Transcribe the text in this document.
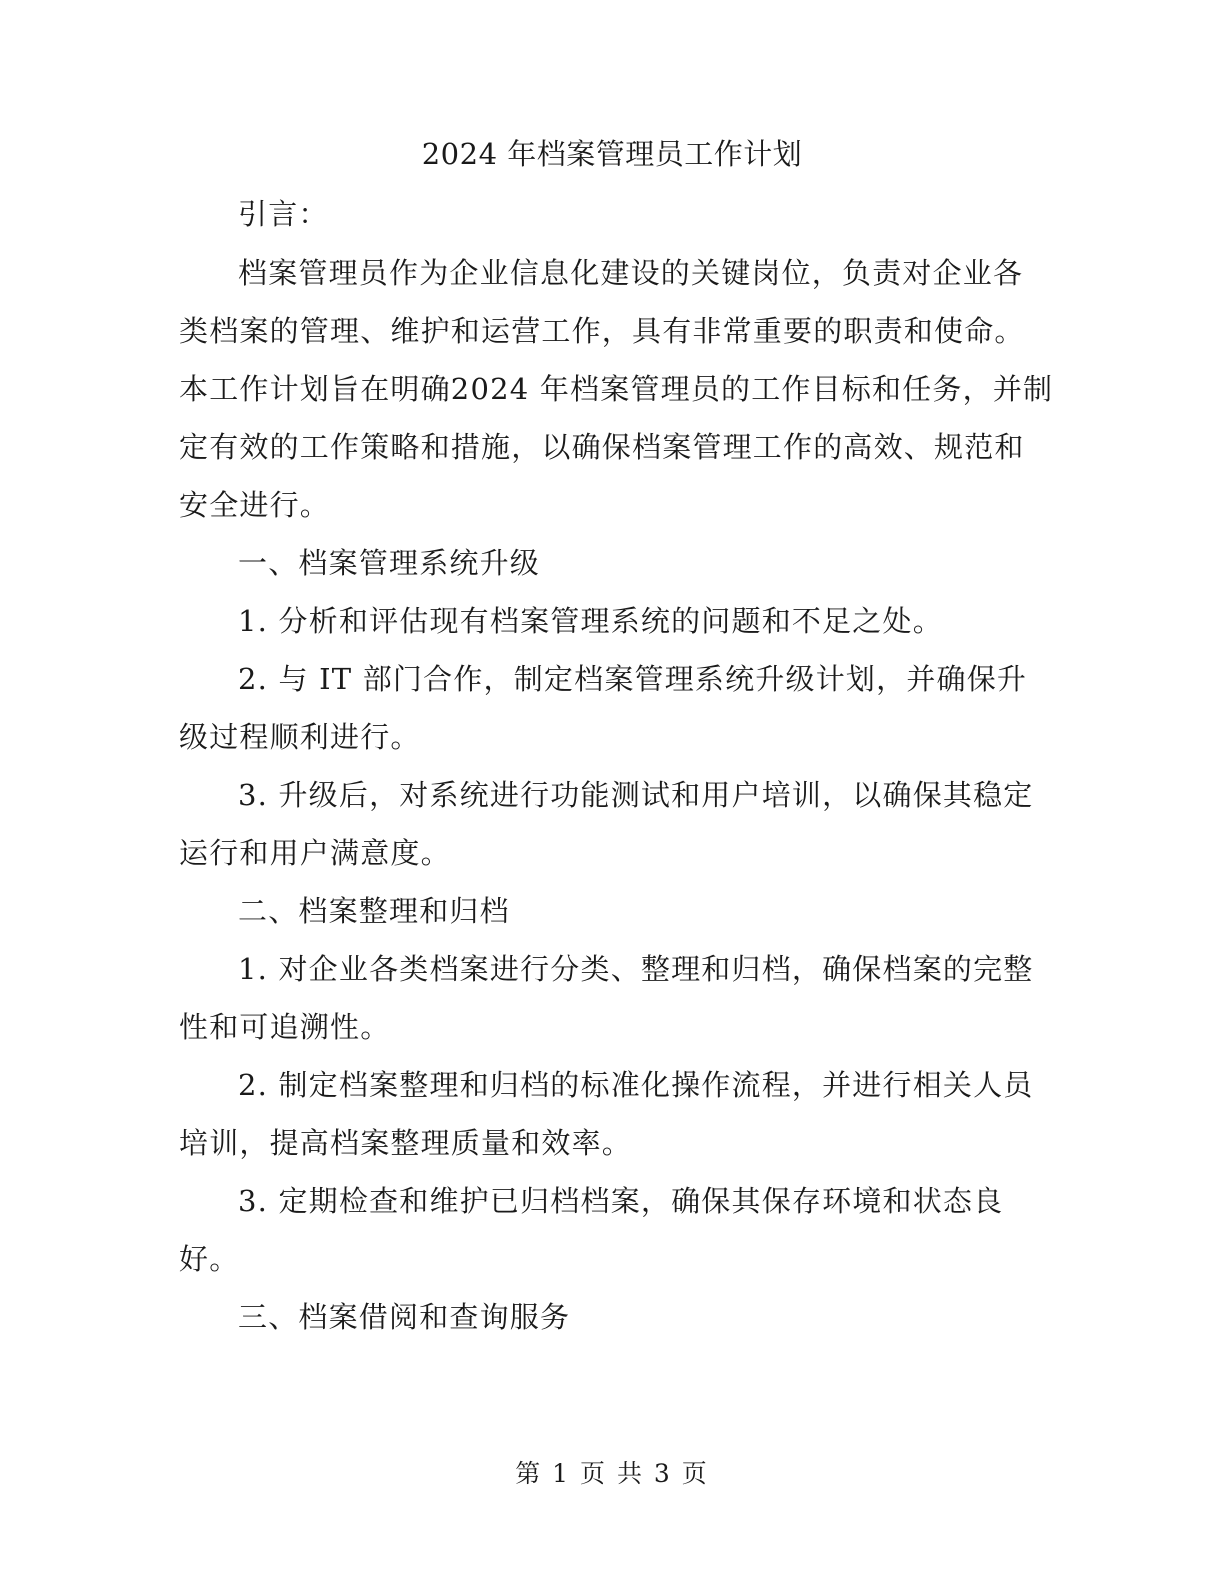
2024 年档案管理员工作计划
引言：
档案管理员作为企业信息化建设的关键岗位，负责对企业各
类档案的管理、维护和运营工作，具有非常重要的职责和使命。
本工作计划旨在明确2024 年档案管理员的工作目标和任务，并制
定有效的工作策略和措施，以确保档案管理工作的高效、规范和
安全进行。
一、档案管理系统升级
1. 分析和评估现有档案管理系统的问题和不足之处。
2. 与 IT 部门合作，制定档案管理系统升级计划，并确保升
级过程顺利进行。
3. 升级后，对系统进行功能测试和用户培训，以确保其稳定
运行和用户满意度。
二、档案整理和归档
1. 对企业各类档案进行分类、整理和归档，确保档案的完整
性和可追溯性。
2. 制定档案整理和归档的标准化操作流程，并进行相关人员
培训，提高档案整理质量和效率。
3. 定期检查和维护已归档档案，确保其保存环境和状态良
好。
三、档案借阅和查询服务
第 1 页 共 3 页
